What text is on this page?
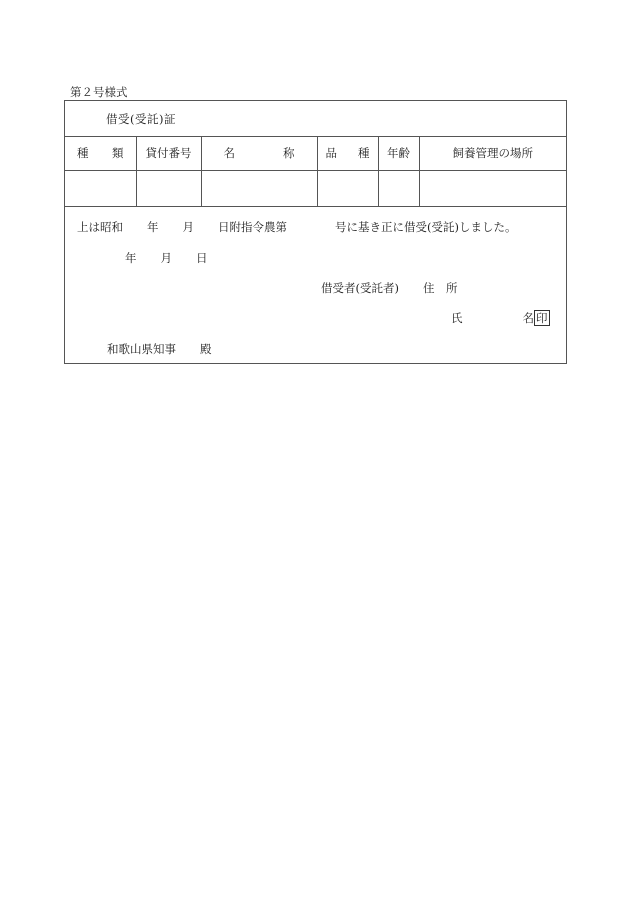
第２号様式
借受(受託)証
種 類	貸付番号	名 称	品 種	年齢	飼養管理の場所

上は昭和 年 月 日附指令農第	号に基き正に借受(受託)しました。
年 月 日
借受者(受託者) 住　所
氏	名 印
和歌山県知事 殿
